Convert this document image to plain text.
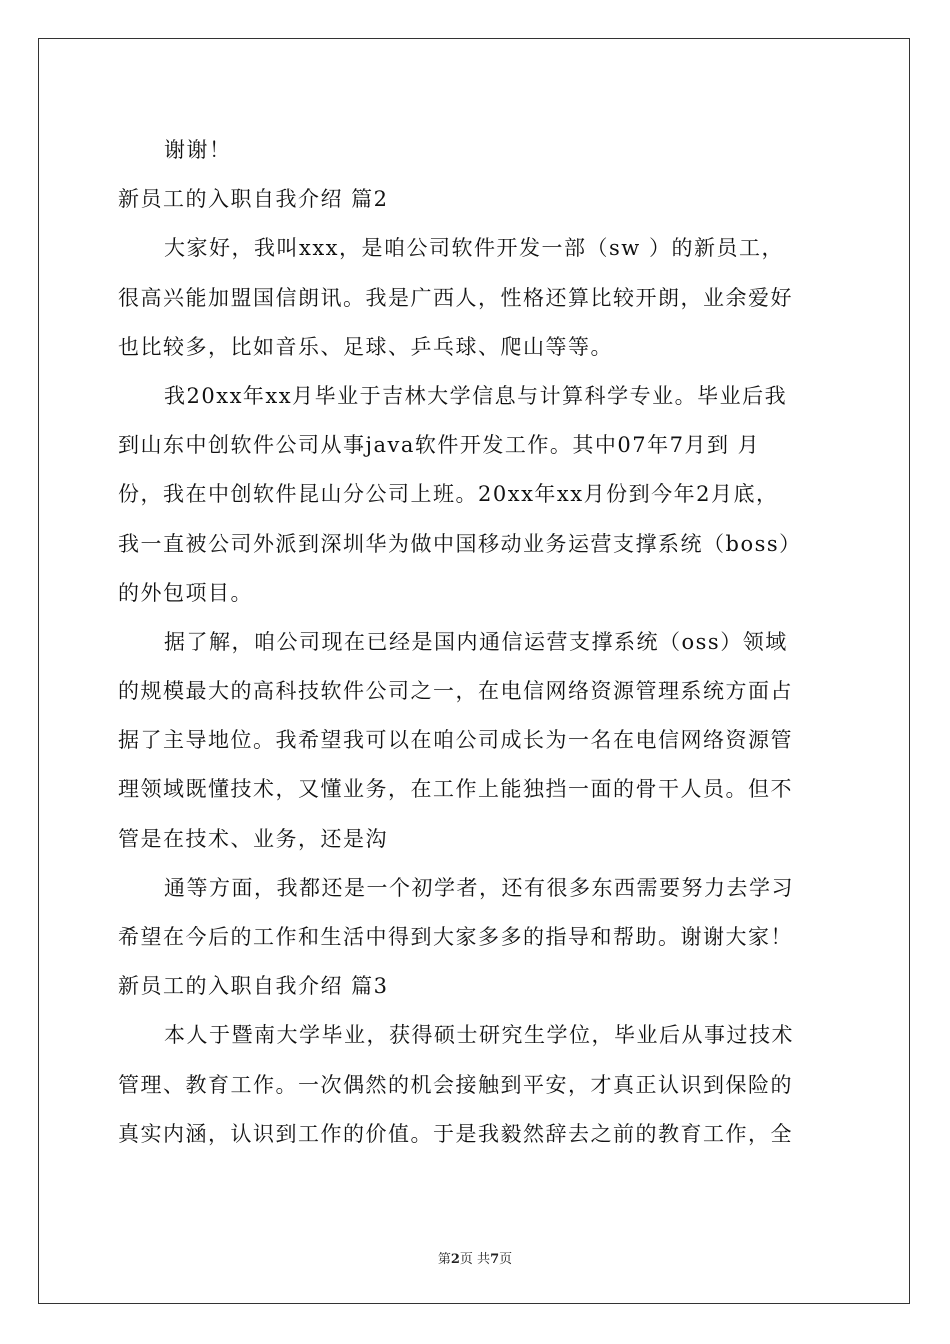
谢谢！
新员工的入职自我介绍 篇2
大家好，我叫xxx，是咱公司软件开发一部（sw ）的新员工，
很高兴能加盟国信朗讯。我是广西人，性格还算比较开朗，业余爱好
也比较多，比如音乐、足球、乒乓球、爬山等等。
我20xx年xx月毕业于吉林大学信息与计算科学专业。毕业后我
到山东中创软件公司从事java软件开发工作。其中07年7月到 月
份，我在中创软件昆山分公司上班。20xx年xx月份到今年2月底，
我一直被公司外派到深圳华为做中国移动业务运营支撑系统（boss）
的外包项目。
据了解，咱公司现在已经是国内通信运营支撑系统（oss）领域
的规模最大的高科技软件公司之一，在电信网络资源管理系统方面占
据了主导地位。我希望我可以在咱公司成长为一名在电信网络资源管
理领域既懂技术，又懂业务，在工作上能独挡一面的骨干人员。但不
管是在技术、业务，还是沟
通等方面，我都还是一个初学者，还有很多东西需要努力去学习
希望在今后的工作和生活中得到大家多多的指导和帮助。谢谢大家！
新员工的入职自我介绍 篇3
本人于暨南大学毕业，获得硕士研究生学位，毕业后从事过技术
管理、教育工作。一次偶然的机会接触到平安，才真正认识到保险的
真实内涵，认识到工作的价值。于是我毅然辞去之前的教育工作，全
第2页 共7页
